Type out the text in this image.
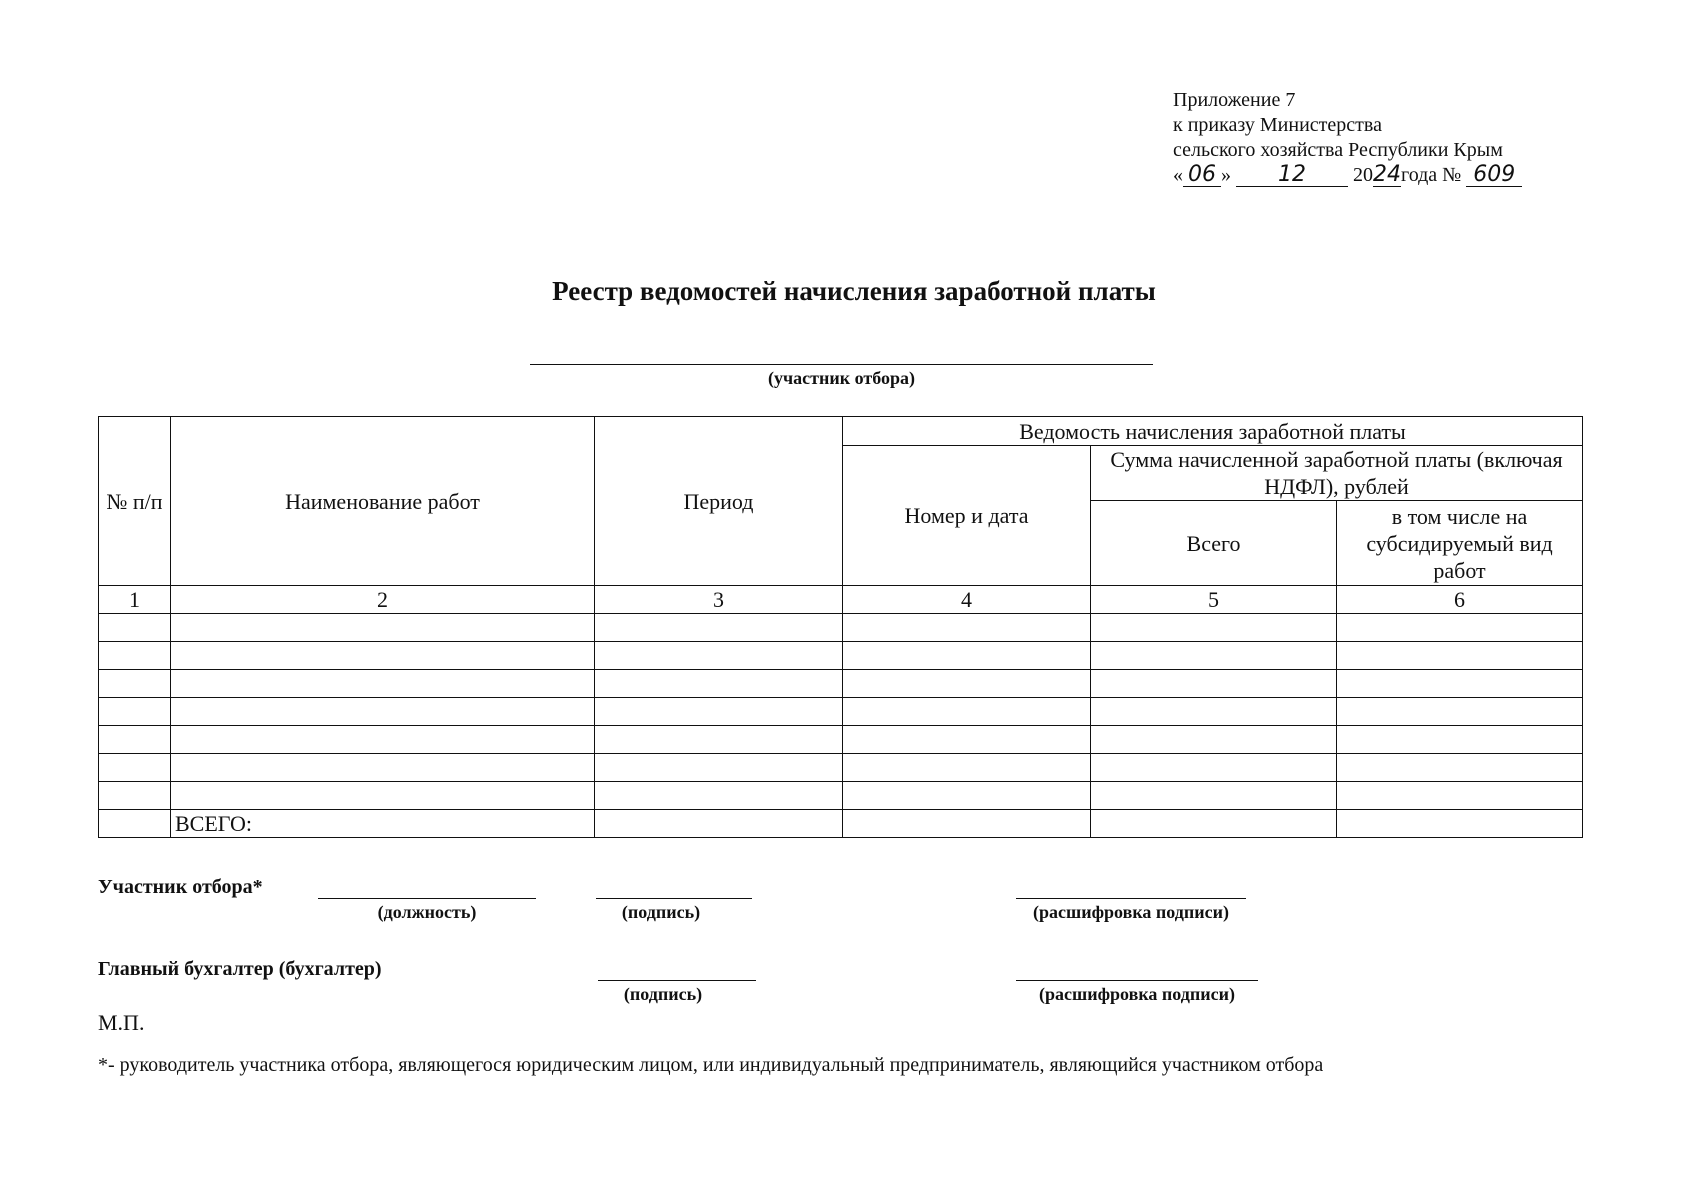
Приложение 7
к приказу Министерства
сельского хозяйства Республики Крым
« 06 » 12 2024года № 609
Реестр ведомостей начисления заработной платы
(участник отбора)
№ п/п	Наименование работ	Период	Ведомость начисления заработной платы		
			Номер и дата	Сумма начисленной заработной платы (включая НДФЛ), рублей	
				Всего	в том числе на субсидируемый вид работ
1	2	3	4	5	6

	ВСЕГО:				
Участник отбора*
(должность)	(подпись)	(расшифровка подписи)
Главный бухгалтер (бухгалтер)
(подпись)	(расшифровка подписи)
М.П.
*- руководитель участника отбора, являющегося юридическим лицом, или индивидуальный предприниматель, являющийся участником отбора
